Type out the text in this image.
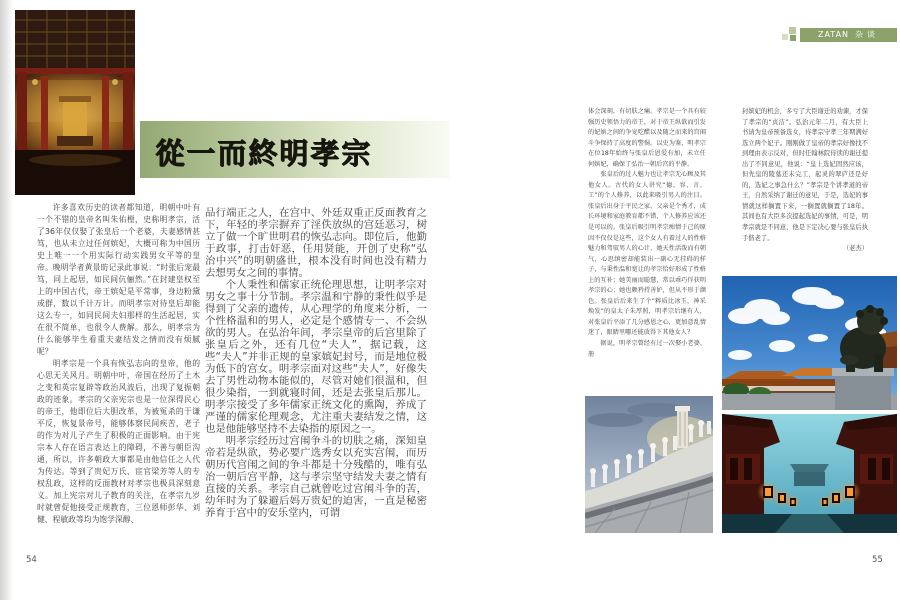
ZATAN 杂谈
從一而終明孝宗

许多喜欢历史的读者都知道，明朝中叶有一个不错的皇帝名叫朱佑樘，史称明孝宗，活了36年仅仅娶了张皇后一个老婆，夫妻感情甚笃，也从未立过任何嫔妃，大概可称为中国历史上唯一一个用实际行动实践男女平等的皇帝。晚明学者黄景昉记录此事说：“时张后宠最笃，同上起居，如民间伉俪然。”在封建皇权至上的中国古代，帝王嫔妃是平常事，身边粉黛成群，数以千计万计。而明孝宗对待皇后却能这么专一，如同民间夫妇那样的生活起居，实在很不简单，也很令人费解。那么，明孝宗为什么能够毕生看重夫妻结发之情而没有烦腻呢？

明孝宗是一个具有恢弘志向的皇帝，他的心思无关风月。明朝中叶，帝国在经历了土木之变和英宗复辟等政治风波后，出现了复振朝政的迹象。孝宗的父亲宪宗也是一位深得民心的帝王，他即位后大胆改革，为被冤杀的于谦平反，恢复景帝号，能够体察民间疾苦，老子的作为对儿子产生了积极的正面影响。由于宪宗本人存在语言表达上的障碍，不善与朝臣沟通，所以，许多朝政大事都是由他信任之人代为传达。等到了贵妃万氏、宦官梁芳等人的专权乱政，这样的反面教材对孝宗也极具深刻意义。加上宪宗对儿子教育的关注，在孝宗九岁时就曾促他接受正规教育，三位恩师彭华、刘健、程敏政等均为饱学深醇、

品行端正之人，在宫中、外廷双重正反面教育之下，年轻的孝宗摒弃了淫佚放纵的宫廷恶习，树立了做一个旷世明君的恢弘志向。即位后，他勤于政事，打击奸恶，任用贤能，开创了史称“弘治中兴”的明朝盛世，根本没有时间也没有精力去想男女之间的事情。

个人秉性和儒家正统伦理思想，让明孝宗对男女之事十分节制。孝宗温和宁静的秉性似乎是得到了父亲的遗传，从心理学的角度来分析，一个性格温和的男人，必定是个感情专一、不会纵欲的男人。在弘治年间，孝宗皇帝的后宫里除了张皇后之外，还有几位“夫人”，据记载，这些“夫人”并非正规的皇家嫔妃封号，而是地位极为低下的宫女。明孝宗面对这些“夫人”，好像失去了男性动物本能似的，尽管对她们很温和，但很少染指，一到就寝时间，还是去张皇后那儿。明孝宗接受了多年儒家正统文化的熏陶，养成了严谨的儒家伦理观念，尤注重夫妻结发之情，这也是他能够坚持不去染指的原因之一。

明孝宗经历过宫闱争斗的切肤之痛，深知皇帝若是纵欲，势必要广选秀女以充实宫闱，而历朝历代宫闱之间的争斗都是十分残酷的，唯有弘治一朝后宫平静，这与孝宗坚守结发夫妻之情有直接的关系。孝宗自己就曾吃过宫闱斗争的苦，幼年时为了躲避后妈万贵妃的迫害，一直是秘密养育于宫中的安乐堂内，可谓

体会深刻，有切肤之痛。孝宗是一个具有较强历史领悟力的帝王，对于帝王纵欲而引发的妃嫔之间的争宠吃醋以及随之而来的宫闱斗争保持了高度的警惕。以史为鉴，明孝宗在位18年始终与张皇后恩爱有加，未立任何嫔妃，确保了弘治一朝后宫的平静。

张皇后的过人魅力也让孝宗无心顾及其他女人。古代的女人讲究“德、容、言、工”的个人修养，以此来吸引男人的注目。张皇后出身于平民之家，父亲是个秀才，成长环境和家庭教育都不错，个人修养应该还是可以的。张皇后吸引明孝宗痴情于己的原因不仅仅是这些，这个女人有着过人的性格魅力和驾驭男人的心计，她天性活泼而有朝气，心思缜密却能装出一副心无挂碍的样子，与秉性温和宽让的孝宗恰好形成了性格上的互补；她美丽而聪慧，常以乖巧俘获明孝宗的心；她也颇矜持善妒，但从不形于颜色。张皇后后来生了个“粹质比冰玉，神采焕发”的皇太子朱厚照，明孝宗后继有人，对张皇后平添了几分感恩之心，更加意乱情迷了，眼睛里哪还能放得下其他女人？

据说，明孝宗曾经有过一次娶小老婆、册

封嫔妃的机会，多亏了大臣谢迁的劝谏，才保了孝宗的“贞洁”。弘治元年二月，有大臣上书请为皇帝预备选女，待孝宗守孝三年期满好选立两个妃子。刚刚做了皇帝的孝宗好像找不到理由表示反对，但时任翰林院侍读的谢迁提出了不同意见，他说：“皇上选妃固然应该，但先皇的陵墓还未完工，起灵的翠庐还是好的，选妃之事急什么？”孝宗是个讲孝道的帝王，自然采纳了谢迁的意见，于是，选妃的事情就这样搁置下来，一搁置就搁置了18年。其间也有大臣多次提起选妃的事情，可是，明孝宗就是不同意，他是下定决心要与张皇后执手偕老了。

（老杰）
54	55
